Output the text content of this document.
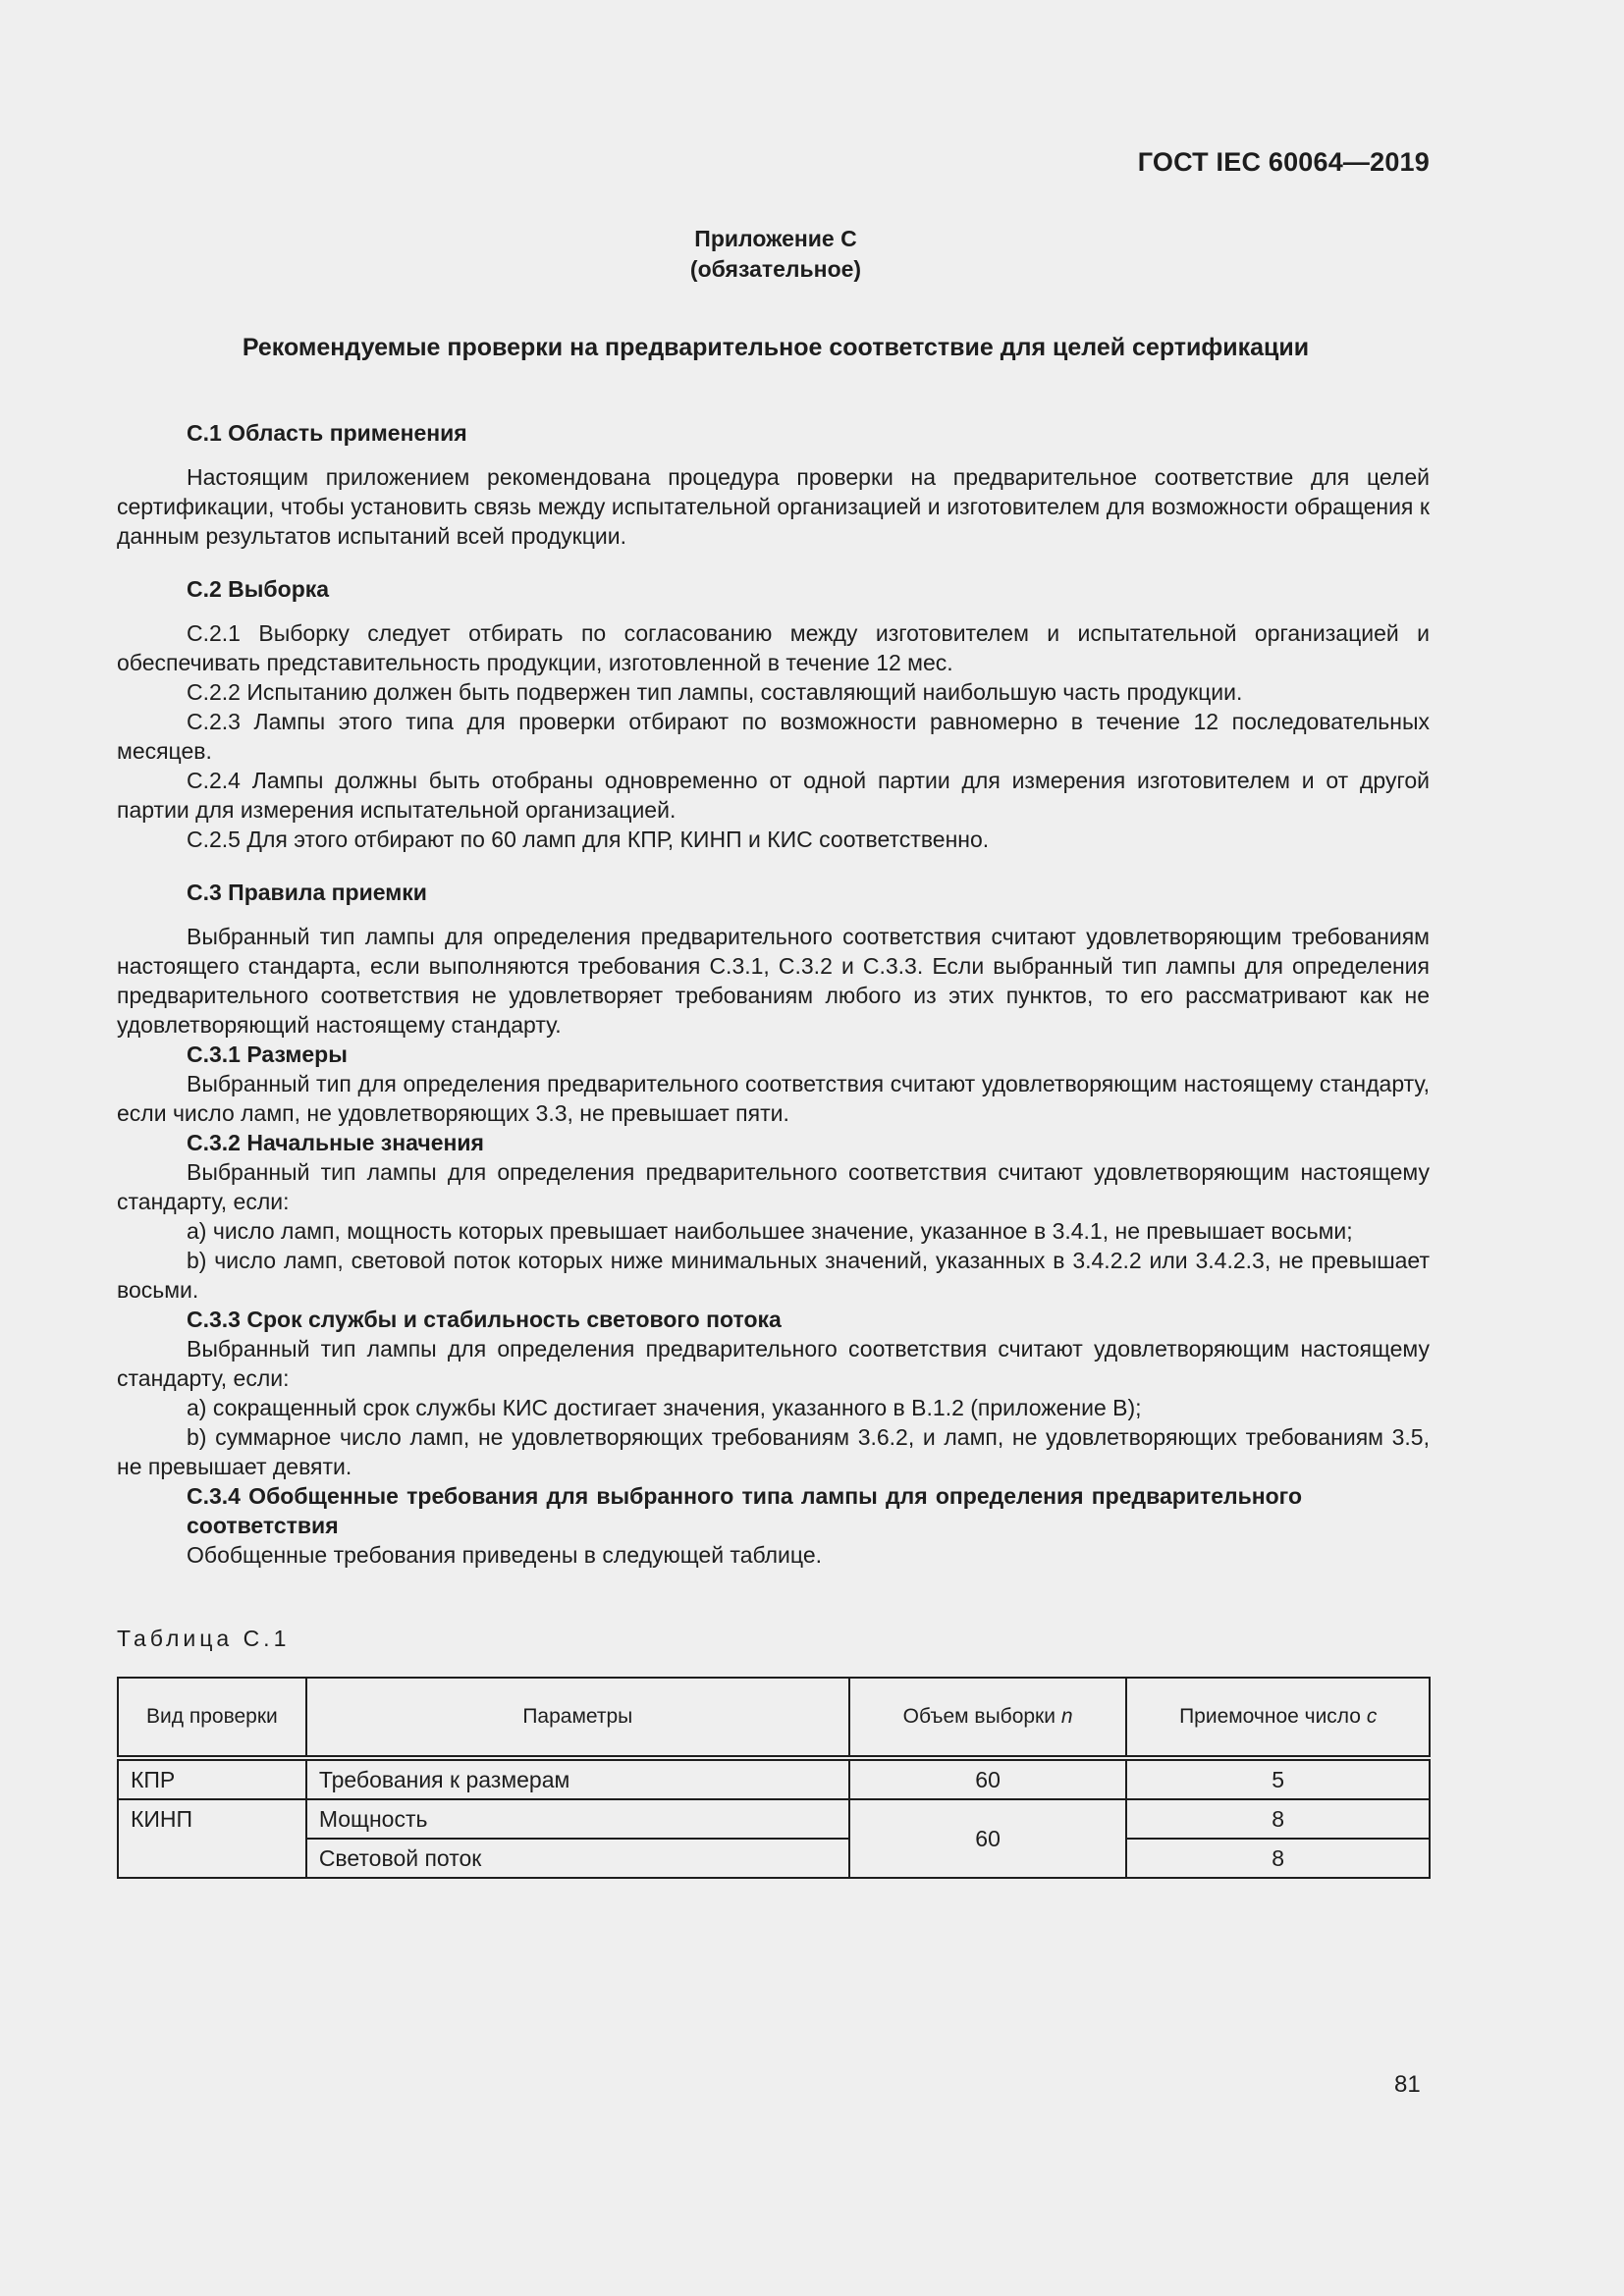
ГОСТ IEC 60064—2019
Приложение С
(обязательное)
Рекомендуемые проверки на предварительное соответствие для целей сертификации
С.1 Область применения

Настоящим приложением рекомендована процедура проверки на предварительное соответствие для целей сертификации, чтобы установить связь между испытательной организацией и изготовителем для возможности обращения к данным результатов испытаний всей продукции.

С.2 Выборка

С.2.1 Выборку следует отбирать по согласованию между изготовителем и испытательной организацией и обеспечивать представительность продукции, изготовленной в течение 12 мес.

С.2.2 Испытанию должен быть подвержен тип лампы, составляющий наибольшую часть продукции.

С.2.3 Лампы этого типа для проверки отбирают по возможности равномерно в течение 12 последовательных месяцев.

С.2.4 Лампы должны быть отобраны одновременно от одной партии для измерения изготовителем и от другой партии для измерения испытательной организацией.

С.2.5 Для этого отбирают по 60 ламп для КПР, КИНП и КИС соответственно.

С.3 Правила приемки

Выбранный тип лампы для определения предварительного соответствия считают удовлетворяющим требованиям настоящего стандарта, если выполняются требования С.3.1, С.3.2 и С.3.3. Если выбранный тип лампы для определения предварительного соответствия не удовлетворяет требованиям любого из этих пунктов, то его рассматривают как не удовлетворяющий настоящему стандарту.

С.3.1 Размеры

Выбранный тип для определения предварительного соответствия считают удовлетворяющим настоящему стандарту, если число ламп, не удовлетворяющих 3.3, не превышает пяти.

С.3.2 Начальные значения

Выбранный тип лампы для определения предварительного соответствия считают удовлетворяющим настоящему стандарту, если:

a) число ламп, мощность которых превышает наибольшее значение, указанное в 3.4.1, не превышает восьми;

b) число ламп, световой поток которых ниже минимальных значений, указанных в 3.4.2.2 или 3.4.2.3, не превышает восьми.

С.3.3 Срок службы и стабильность светового потока

Выбранный тип лампы для определения предварительного соответствия считают удовлетворяющим настоящему стандарту, если:

a) сокращенный срок службы КИС достигает значения, указанного в В.1.2 (приложение В);

b) суммарное число ламп, не удовлетворяющих требованиям 3.6.2, и ламп, не удовлетворяющих требованиям 3.5, не превышает девяти.

С.3.4 Обобщенные требования для выбранного типа лампы для определения предварительного соответствия

Обобщенные требования приведены в следующей таблице.

Таблица С.1
Вид проверки	Параметры	Объем выборки n	Приемочное число c
КПР	Требования к размерам	60	5
КИНП	Мощность	60	8
	Световой поток		8
81
